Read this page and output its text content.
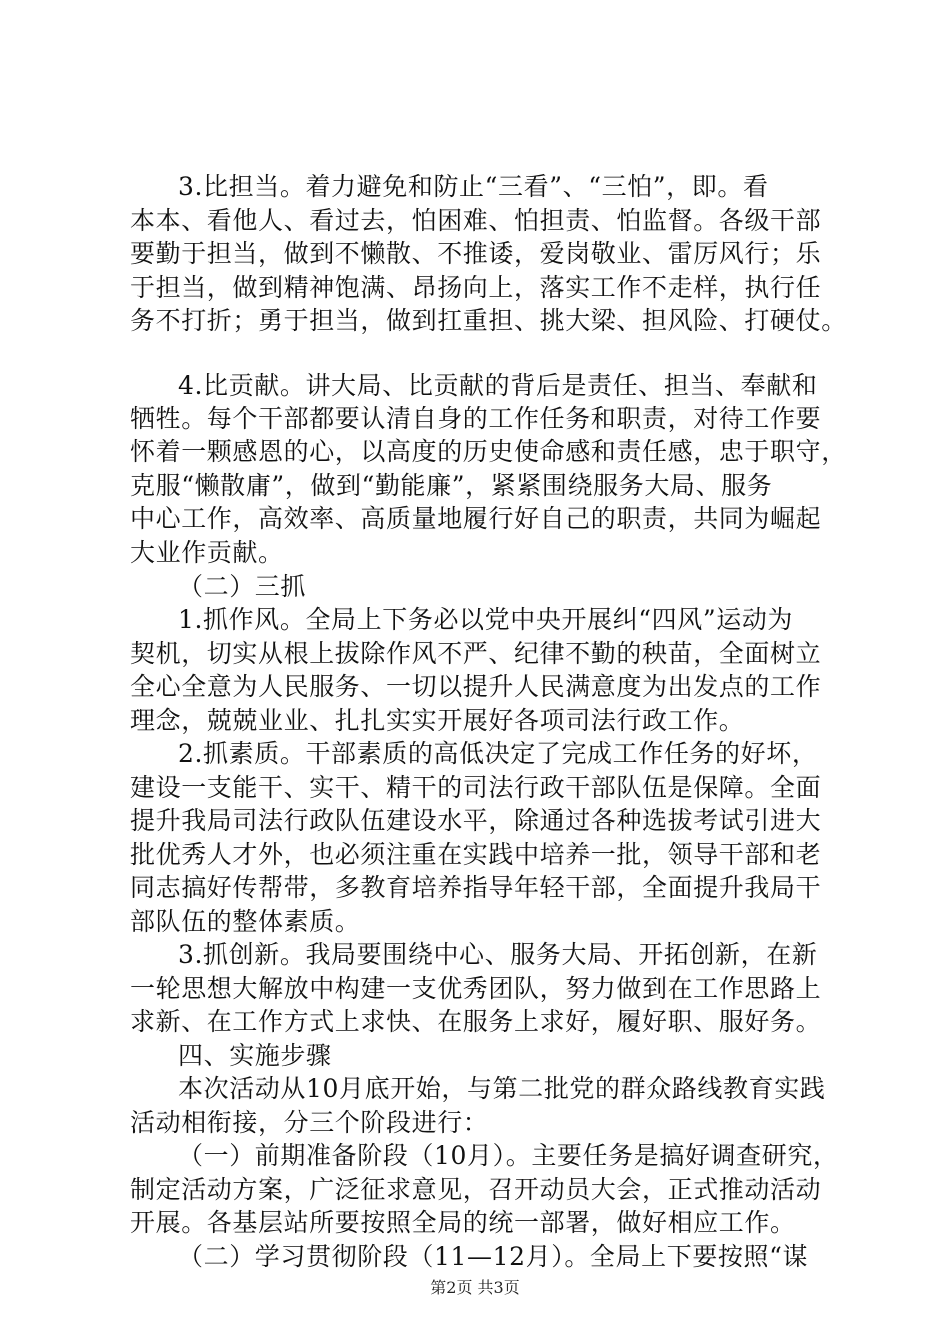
3.比担当。着力避免和防止“三看”、“三怕”，即。看
本本、看他人、看过去，怕困难、怕担责、怕监督。各级干部
要勤于担当，做到不懒散、不推诿，爱岗敬业、雷厉风行；乐
于担当，做到精神饱满、昂扬向上，落实工作不走样，执行任
务不打折；勇于担当，做到扛重担、挑大梁、担风险、打硬仗。
4.比贡献。讲大局、比贡献的背后是责任、担当、奉献和
牺牲。每个干部都要认清自身的工作任务和职责，对待工作要
怀着一颗感恩的心，以高度的历史使命感和责任感，忠于职守，
克服“懒散庸”，做到“勤能廉”，紧紧围绕服务大局、服务
中心工作，高效率、高质量地履行好自己的职责，共同为崛起
大业作贡献。
（二）三抓
1.抓作风。全局上下务必以党中央开展纠“四风”运动为
契机，切实从根上拔除作风不严、纪律不勤的秧苗，全面树立
全心全意为人民服务、一切以提升人民满意度为出发点的工作
理念，兢兢业业、扎扎实实开展好各项司法行政工作。
2.抓素质。干部素质的高低决定了完成工作任务的好坏，
建设一支能干、实干、精干的司法行政干部队伍是保障。全面
提升我局司法行政队伍建设水平，除通过各种选拔考试引进大
批优秀人才外，也必须注重在实践中培养一批，领导干部和老
同志搞好传帮带，多教育培养指导年轻干部，全面提升我局干
部队伍的整体素质。
3.抓创新。我局要围绕中心、服务大局、开拓创新，在新
一轮思想大解放中构建一支优秀团队，努力做到在工作思路上
求新、在工作方式上求快、在服务上求好，履好职、服好务。
四、实施步骤
本次活动从10月底开始，与第二批党的群众路线教育实践
活动相衔接，分三个阶段进行：
（一）前期准备阶段（10月）。主要任务是搞好调查研究，
制定活动方案，广泛征求意见，召开动员大会，正式推动活动
开展。各基层站所要按照全局的统一部署，做好相应工作。
（二）学习贯彻阶段（11—12月）。全局上下要按照“谋
第2页 共3页
